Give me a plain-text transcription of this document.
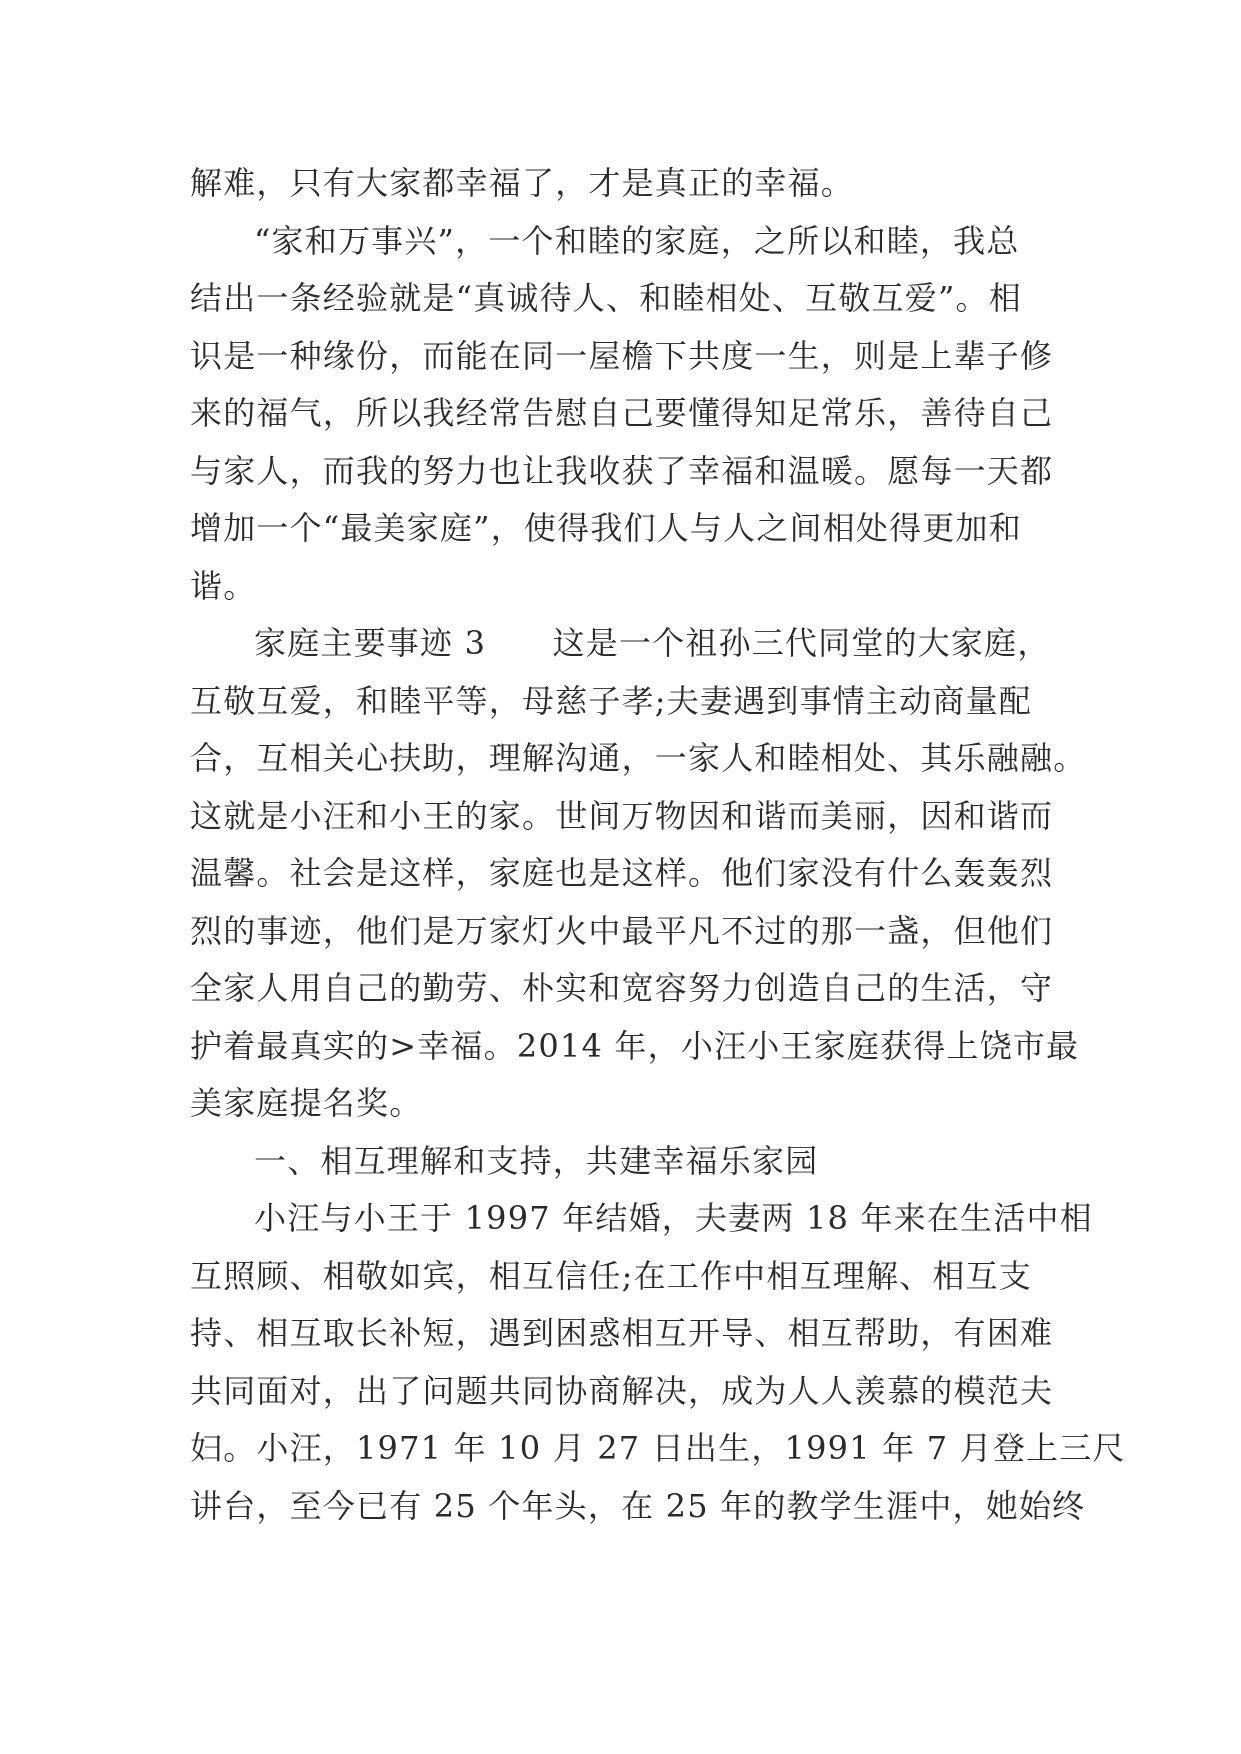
解难，只有大家都幸福了，才是真正的幸福。
“家和万事兴”，一个和睦的家庭，之所以和睦，我总
结出一条经验就是“真诚待人、和睦相处、互敬互爱”。相
识是一种缘份，而能在同一屋檐下共度一生，则是上辈子修
来的福气，所以我经常告慰自己要懂得知足常乐，善待自己
与家人，而我的努力也让我收获了幸福和温暖。愿每一天都
增加一个“最美家庭”，使得我们人与人之间相处得更加和
谐。
家庭主要事迹 3　　这是一个祖孙三代同堂的大家庭，
互敬互爱，和睦平等，母慈子孝;夫妻遇到事情主动商量配
合，互相关心扶助，理解沟通，一家人和睦相处、其乐融融。
这就是小汪和小王的家。世间万物因和谐而美丽，因和谐而
温馨。社会是这样，家庭也是这样。他们家没有什么轰轰烈
烈的事迹，他们是万家灯火中最平凡不过的那一盏，但他们
全家人用自己的勤劳、朴实和宽容努力创造自己的生活，守
护着最真实的>幸福。2014 年，小汪小王家庭获得上饶市最
美家庭提名奖。
一、相互理解和支持，共建幸福乐家园
小汪与小王于 1997 年结婚，夫妻两 18 年来在生活中相
互照顾、相敬如宾，相互信任;在工作中相互理解、相互支
持、相互取长补短，遇到困惑相互开导、相互帮助，有困难
共同面对，出了问题共同协商解决，成为人人羡慕的模范夫
妇。小汪，1971 年 10 月 27 日出生，1991 年 7 月登上三尺
讲台，至今已有 25 个年头，在 25 年的教学生涯中，她始终
